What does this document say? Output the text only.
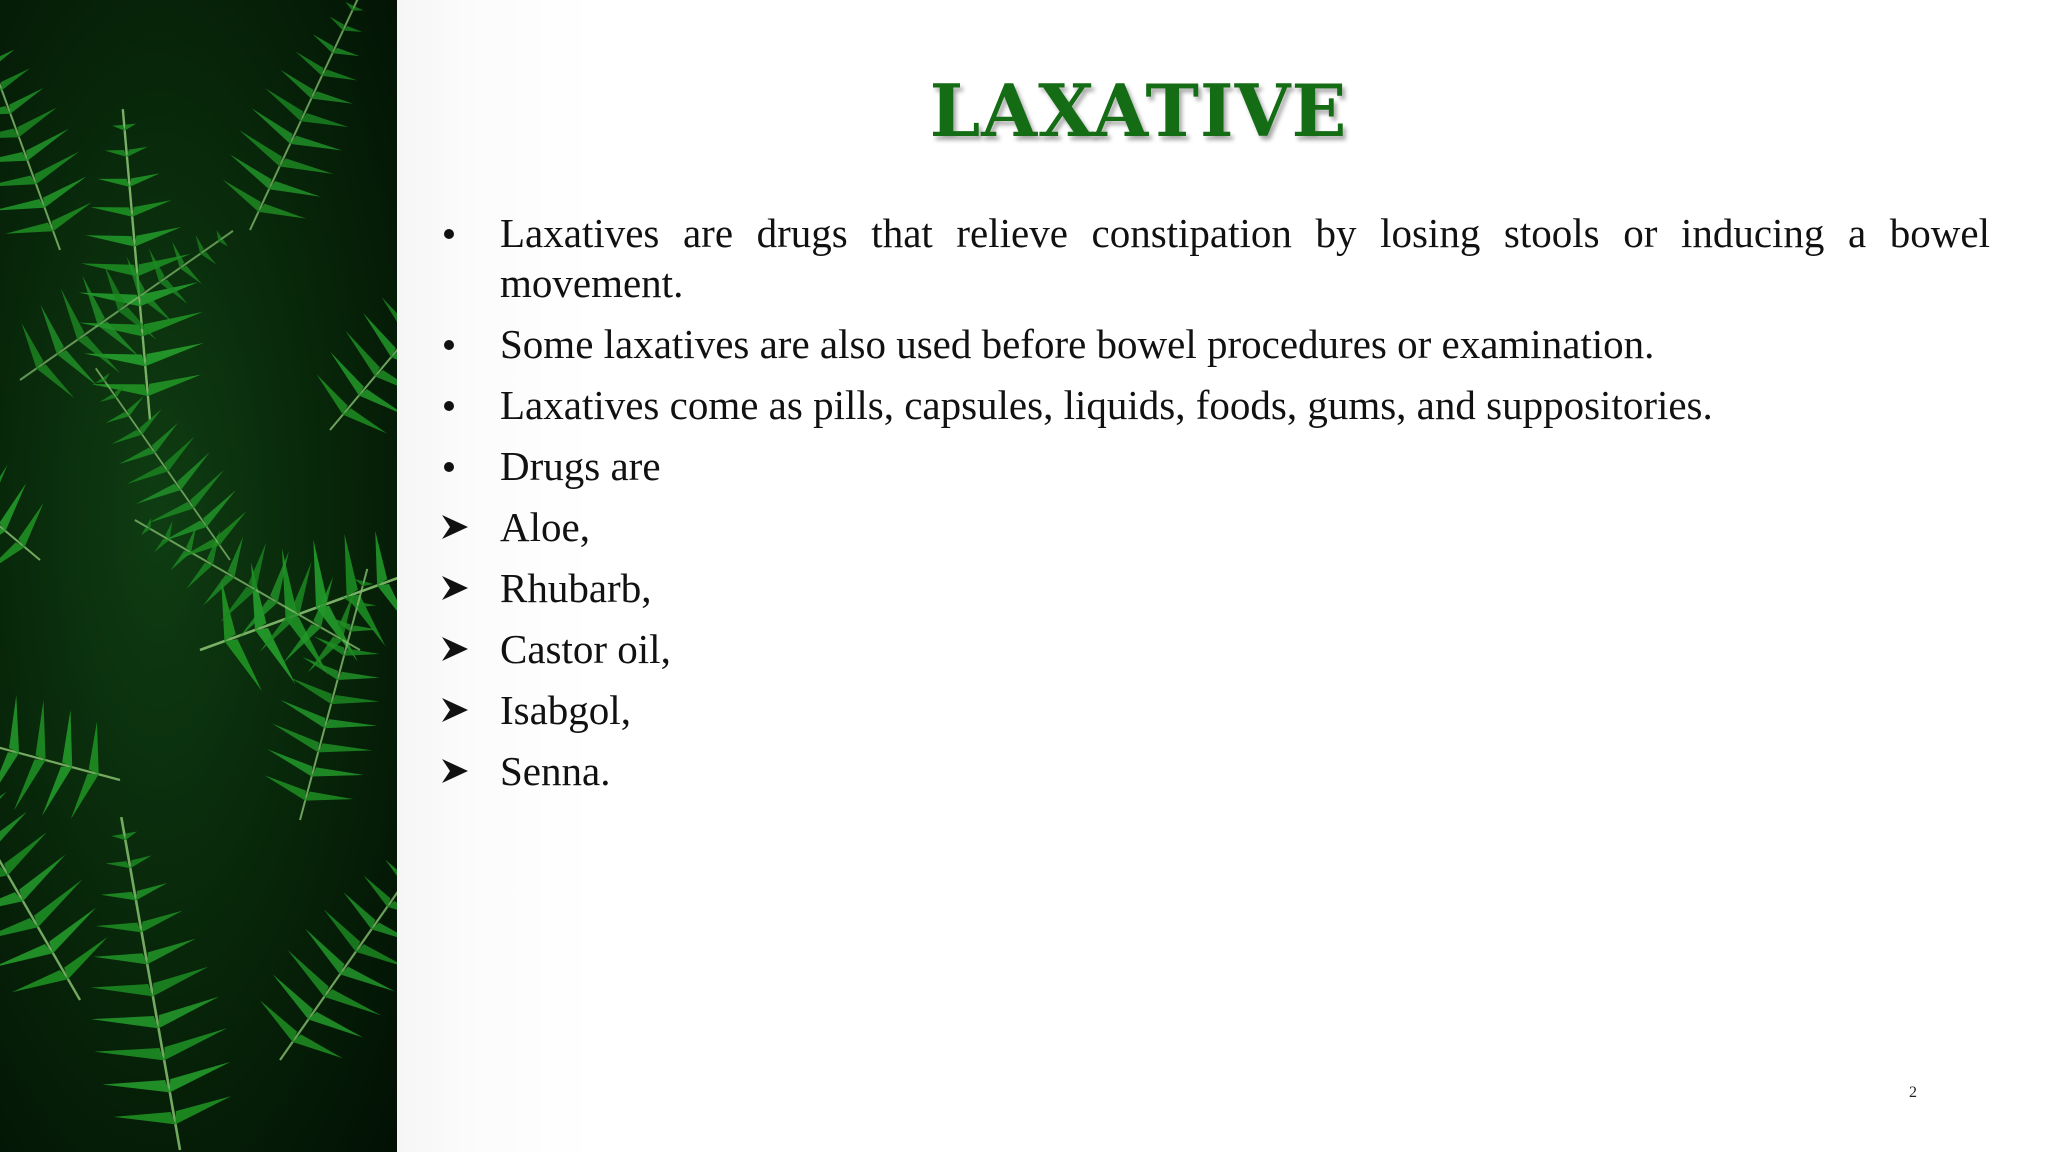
LAXATIVE
Laxatives are drugs that relieve constipation by losing stools or inducing a bowel movement.
Some laxatives are also used before bowel procedures or examination.
Laxatives come as pills, capsules, liquids, foods, gums, and suppositories.
Drugs are
Aloe,
Rhubarb,
Castor oil,
Isabgol,
Senna.
2
